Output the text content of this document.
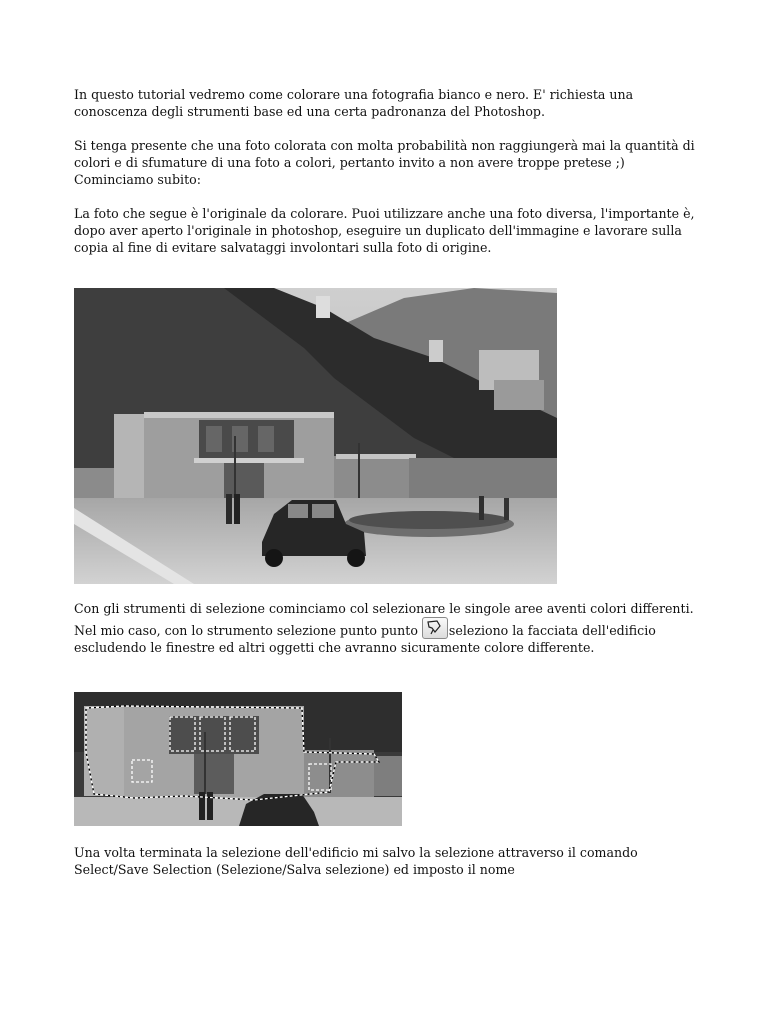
In questo tutorial vedremo come colorare una fotografia bianco e nero. E' richiesta una conoscenza degli strumenti base ed una certa padronanza del Photoshop.

Si tenga presente che una foto colorata con molta probabilità non raggiungerà mai la quantità di colori e di sfumature di una foto a colori, pertanto invito a non avere troppe pretese ;) Cominciamo subito:

La foto che segue è l'originale da colorare. Puoi utilizzare anche una foto diversa, l'importante è, dopo aver aperto l'originale in photoshop, eseguire un duplicato dell'immagine e lavorare sulla copia al fine di evitare salvataggi involontari sulla foto di origine.

Con gli strumenti di selezione cominciamo col selezionare le singole aree aventi colori differenti.
Nel mio caso, con lo strumento selezione punto punto seleziono la facciata dell'edificio escludendo le finestre ed altri oggetti che avranno sicuramente colore differente.

Una volta terminata la selezione dell'edificio mi salvo la selezione attraverso il comando Select/Save Selection (Selezione/Salva selezione) ed imposto il nome
